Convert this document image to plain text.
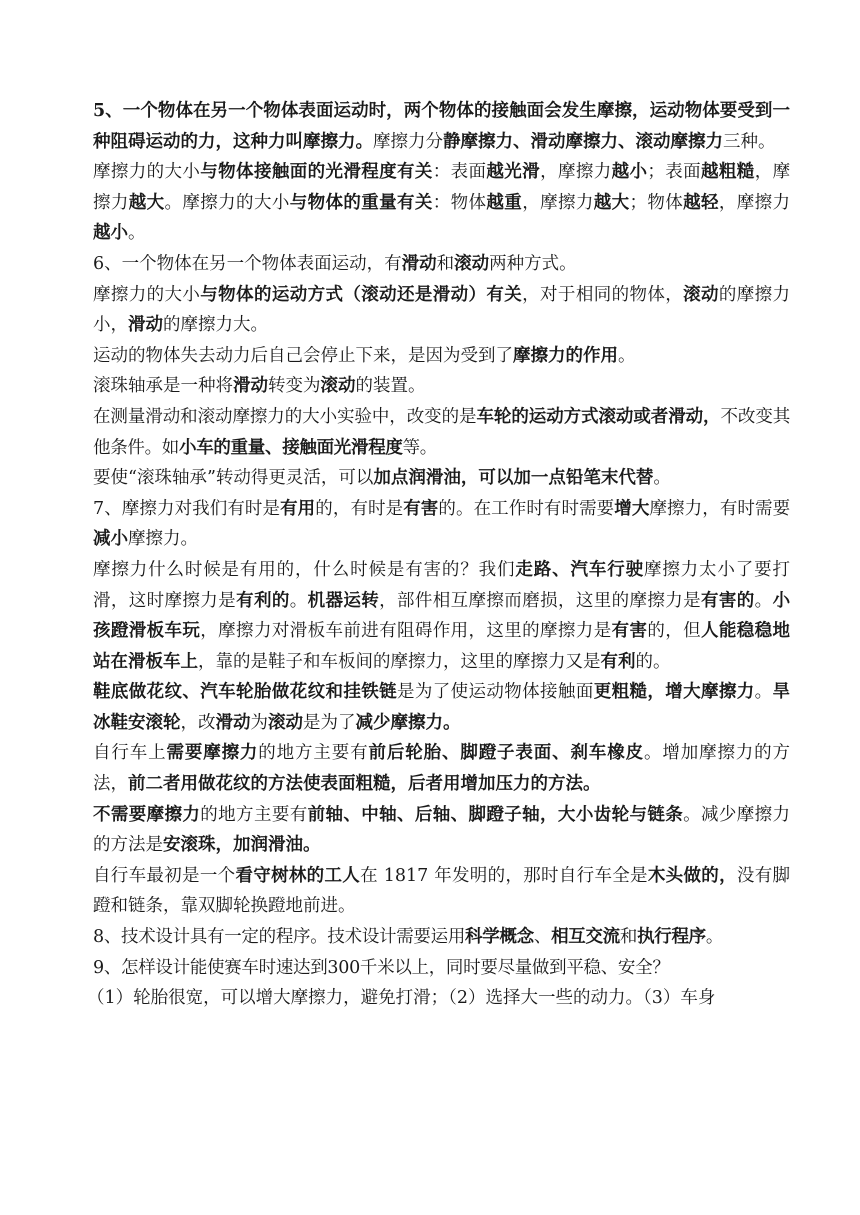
5、一个物体在另一个物体表面运动时，两个物体的接触面会发生摩擦，运动物体要受到一种阻碍运动的力，这种力叫摩擦力。摩擦力分静摩擦力、滑动摩擦力、滚动摩擦力三种。

摩擦力的大小与物体接触面的光滑程度有关：表面越光滑，摩擦力越小；表面越粗糙，摩擦力越大。摩擦力的大小与物体的重量有关：物体越重，摩擦力越大；物体越轻，摩擦力越小。

6、一个物体在另一个物体表面运动，有滑动和滚动两种方式。

摩擦力的大小与物体的运动方式（滚动还是滑动）有关，对于相同的物体，滚动的摩擦力小，滑动的摩擦力大。

运动的物体失去动力后自己会停止下来，是因为受到了摩擦力的作用。

滚珠轴承是一种将滑动转变为滚动的装置。

在测量滑动和滚动摩擦力的大小实验中，改变的是车轮的运动方式滚动或者滑动，不改变其他条件。如小车的重量、接触面光滑程度等。

要使“滚珠轴承”转动得更灵活，可以加点润滑油，可以加一点铅笔末代替。

7、摩擦力对我们有时是有用的，有时是有害的。在工作时有时需要增大摩擦力，有时需要减小摩擦力。

摩擦力什么时候是有用的，什么时候是有害的？我们走路、汽车行驶摩擦力太小了要打滑，这时摩擦力是有利的。机器运转，部件相互摩擦而磨损，这里的摩擦力是有害的。小孩蹬滑板车玩，摩擦力对滑板车前进有阻碍作用，这里的摩擦力是有害的，但人能稳稳地站在滑板车上，靠的是鞋子和车板间的摩擦力，这里的摩擦力又是有利的。

鞋底做花纹、汽车轮胎做花纹和挂铁链是为了使运动物体接触面更粗糙，增大摩擦力。旱冰鞋安滚轮，改滑动为滚动是为了减少摩擦力。

自行车上需要摩擦力的地方主要有前后轮胎、脚蹬子表面、刹车橡皮。增加摩擦力的方法，前二者用做花纹的方法使表面粗糙，后者用增加压力的方法。

不需要摩擦力的地方主要有前轴、中轴、后轴、脚蹬子轴，大小齿轮与链条。减少摩擦力的方法是安滚珠，加润滑油。

自行车最初是一个看守树林的工人在 1817 年发明的，那时自行车全是木头做的，没有脚蹬和链条，靠双脚轮换蹬地前进。

8、技术设计具有一定的程序。技术设计需要运用科学概念、相互交流和执行程序。

9、怎样设计能使赛车时速达到300千米以上，同时要尽量做到平稳、安全？

（1）轮胎很宽，可以增大摩擦力，避免打滑；（2）选择大一些的动力。（3）车身
